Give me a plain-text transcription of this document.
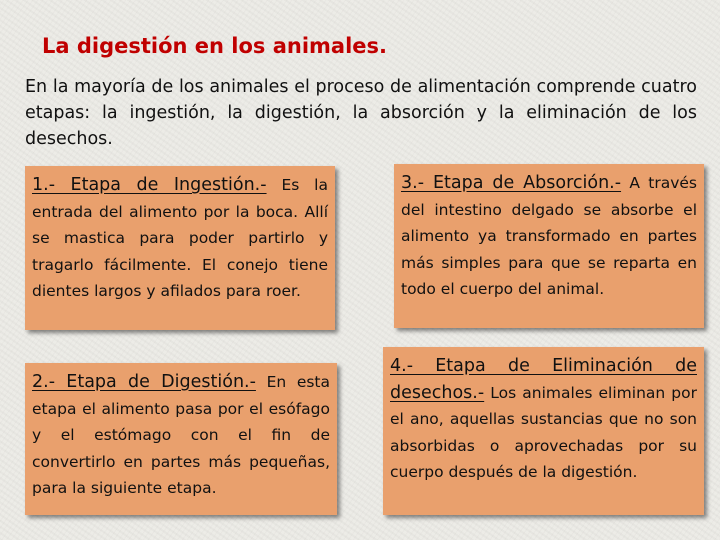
La digestión en los animales.
En la mayoría de los animales el proceso de alimentación comprende cuatro etapas: la ingestión, la digestión, la absorción y la eliminación de los desechos.
1.- Etapa de Ingestión.- Es la entrada del alimento por la boca. Allí se mastica para poder partirlo y tragarlo fácilmente. El conejo tiene dientes largos y afilados para roer.
3.- Etapa de Absorción.- A través del intestino delgado se absorbe el alimento ya transformado en partes más simples para que se reparta en todo el cuerpo del animal.
2.- Etapa de Digestión.- En esta etapa el alimento pasa por el esófago y el estómago con el fin de convertirlo en partes más pequeñas, para la siguiente etapa.
4.- Etapa de Eliminación de desechos.- Los animales eliminan por el ano, aquellas sustancias que no son absorbidas o aprovechadas por su cuerpo después de la digestión.
